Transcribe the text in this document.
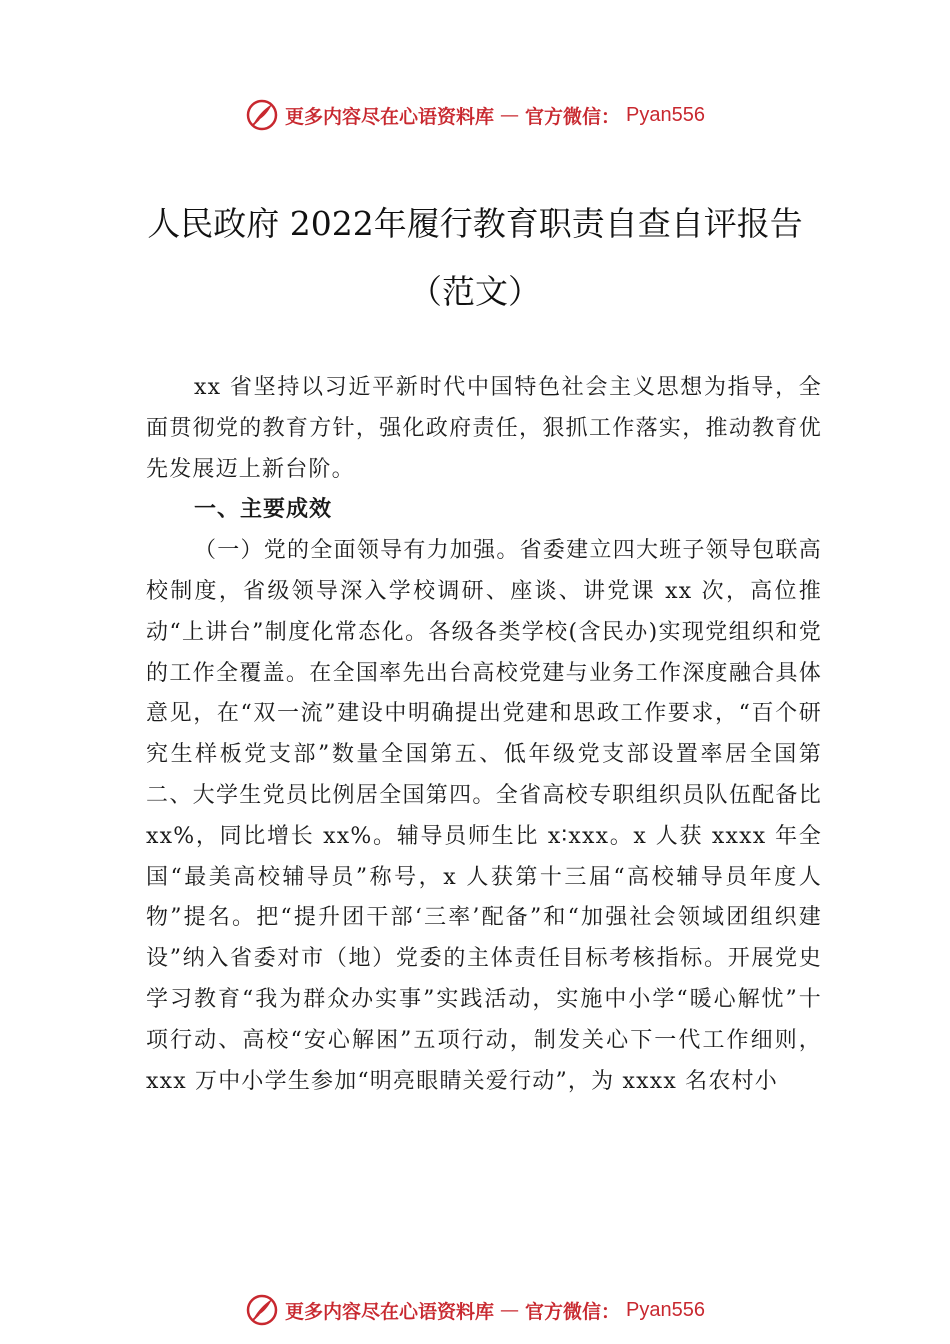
更多内容尽在心语资料库 — 官方微信： Pyan556
人民政府 2022年履行教育职责自查自评报告（范文）

xx 省坚持以习近平新时代中国特色社会主义思想为指导，全面贯彻党的教育方针，强化政府责任，狠抓工作落实，推动教育优先发展迈上新台阶。

一、主要成效

（一）党的全面领导有力加强。省委建立四大班子领导包联高校制度，省级领导深入学校调研、座谈、讲党课 xx 次，高位推动“上讲台”制度化常态化。各级各类学校(含民办)实现党组织和党的工作全覆盖。在全国率先出台高校党建与业务工作深度融合具体意见，在“双一流”建设中明确提出党建和思政工作要求，“百个研究生样板党支部”数量全国第五、低年级党支部设置率居全国第二、大学生党员比例居全国第四。全省高校专职组织员队伍配备比 xx%，同比增长 xx%。辅导员师生比 x∶xxx。x 人获 xxxx 年全国“最美高校辅导员”称号，x 人获第十三届“高校辅导员年度人物”提名。把“提升团干部‘三率’配备”和“加强社会领域团组织建设”纳入省委对市（地）党委的主体责任目标考核指标。开展党史学习教育“我为群众办实事”实践活动，实施中小学“暖心解忧”十项行动、高校“安心解困”五项行动，制发关心下一代工作细则， xxx 万中小学生参加“明亮眼睛关爱行动”，为 xxxx 名农村小

更多内容尽在心语资料库 — 官方微信： Pyan556
